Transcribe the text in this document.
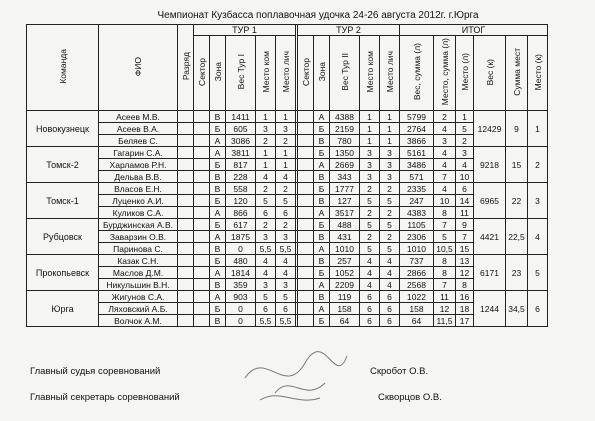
Чемпионат Кузбасса поплавочная удочка 24-26 августа 2012г. г.Юрга
Команда	ФИО	Разряд	ТУР 1						ТУР 2					ИТОГ					
			Сектор	Зона	Вес Тур I	Место ком	Место лич		Сектор	Зона	Вес Тур II	Место ком	Место лич	Вес, сумма (л)	Место, сумма (л)	Место (л)	Вес (к)	Сумма мест	Место (к)
Новокузнецк	Асеев М.В.			В	1411	1	1			А	4388	1	1	5799	2	1	12429	9	1
	Асеев В.А.			Б	605	3	3			Б	2159	1	1	2764	4	5			
	Беляев С.			А	3086	2	2			В	780	1	1	3866	3	2			
Томск-2	Гагарин С.А.			А	3811	1	1			Б	1350	3	3	5161	4	3	9218	15	2
	Харламов Р.Н.			Б	817	1	1			А	2669	3	3	3486	4	4			
	Дельва В.В.			В	228	4	4			В	343	3	3	571	7	10			
Томск-1	Власов Е.Н.			В	558	2	2			Б	1777	2	2	2335	4	6	6965	22	3
	Луценко А.И.			Б	120	5	5			В	127	5	5	247	10	14			
	Куликов С.А.			А	866	6	6			А	3517	2	2	4383	8	11			
Рубцовск	Бурджинская А.В.			Б	617	2	2			Б	488	5	5	1105	7	9	4421	22,5	4
	Заварзин О.В.			А	1875	3	3			В	431	2	2	2306	5	7			
	Паринова С.			В	0	5,5	5,5			А	1010	5	5	1010	10,5	15			
Прокопьевск	Казак С.Н.			Б	480	4	4			В	257	4	4	737	8	13	6171	23	5
	Маслов Д.М.			А	1814	4	4			Б	1052	4	4	2866	8	12			
	Никульшин В.Н.			В	359	3	3			А	2209	4	4	2568	7	8			
Юрга	Жигунов С.А.			А	903	5	5			В	119	6	6	1022	11	16	1244	34,5	6
	Ляховский А.Б.			Б	0	6	6			А	158	6	6	158	12	18			
	Волчок А.М.			В	0	5,5	5,5			Б	64	6	6	64	11,5	17			
Главный судья соревнований	Скробот О.В.
Главный секретарь соревнований	Скворцов О.В.
